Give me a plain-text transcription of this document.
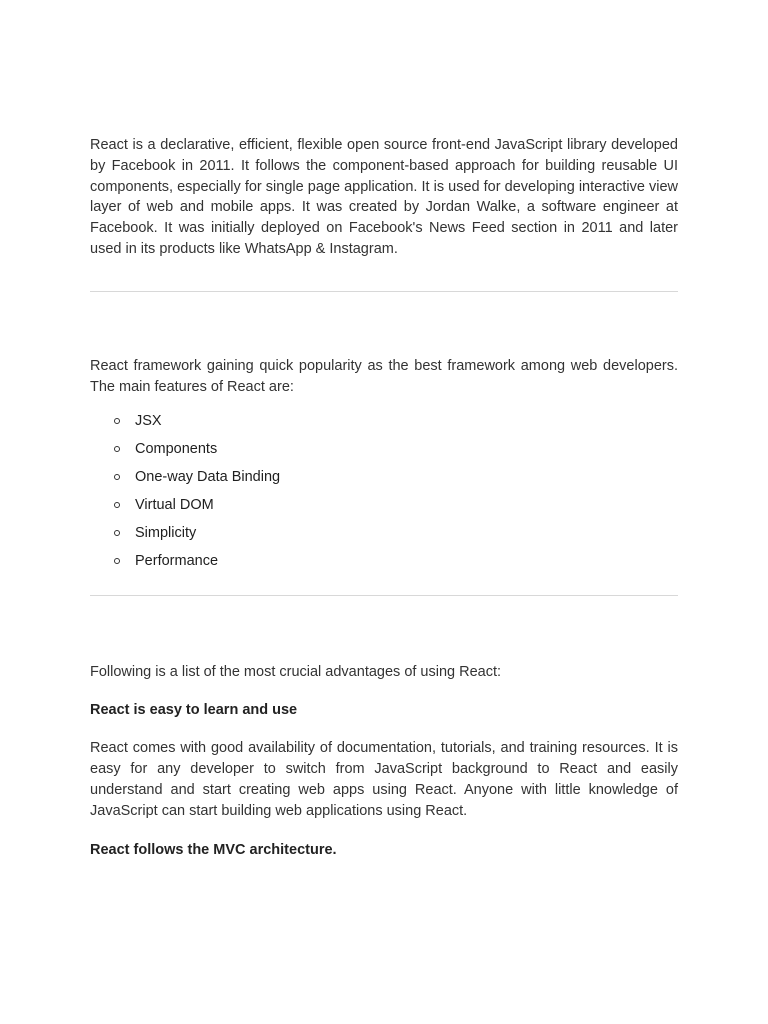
React is a declarative, efficient, flexible open source front-end JavaScript library developed by Facebook in 2011. It follows the component-based approach for building reusable UI components, especially for single page application. It is used for developing interactive view layer of web and mobile apps. It was created by Jordan Walke, a software engineer at Facebook. It was initially deployed on Facebook's News Feed section in 2011 and later used in its products like WhatsApp & Instagram.

React framework gaining quick popularity as the best framework among web developers. The main features of React are:

JSX
Components
One-way Data Binding
Virtual DOM
Simplicity
Performance

Following is a list of the most crucial advantages of using React:

React is easy to learn and use

React comes with good availability of documentation, tutorials, and training resources. It is easy for any developer to switch from JavaScript background to React and easily understand and start creating web apps using React. Anyone with little knowledge of JavaScript can start building web applications using React.

React follows the MVC architecture.
